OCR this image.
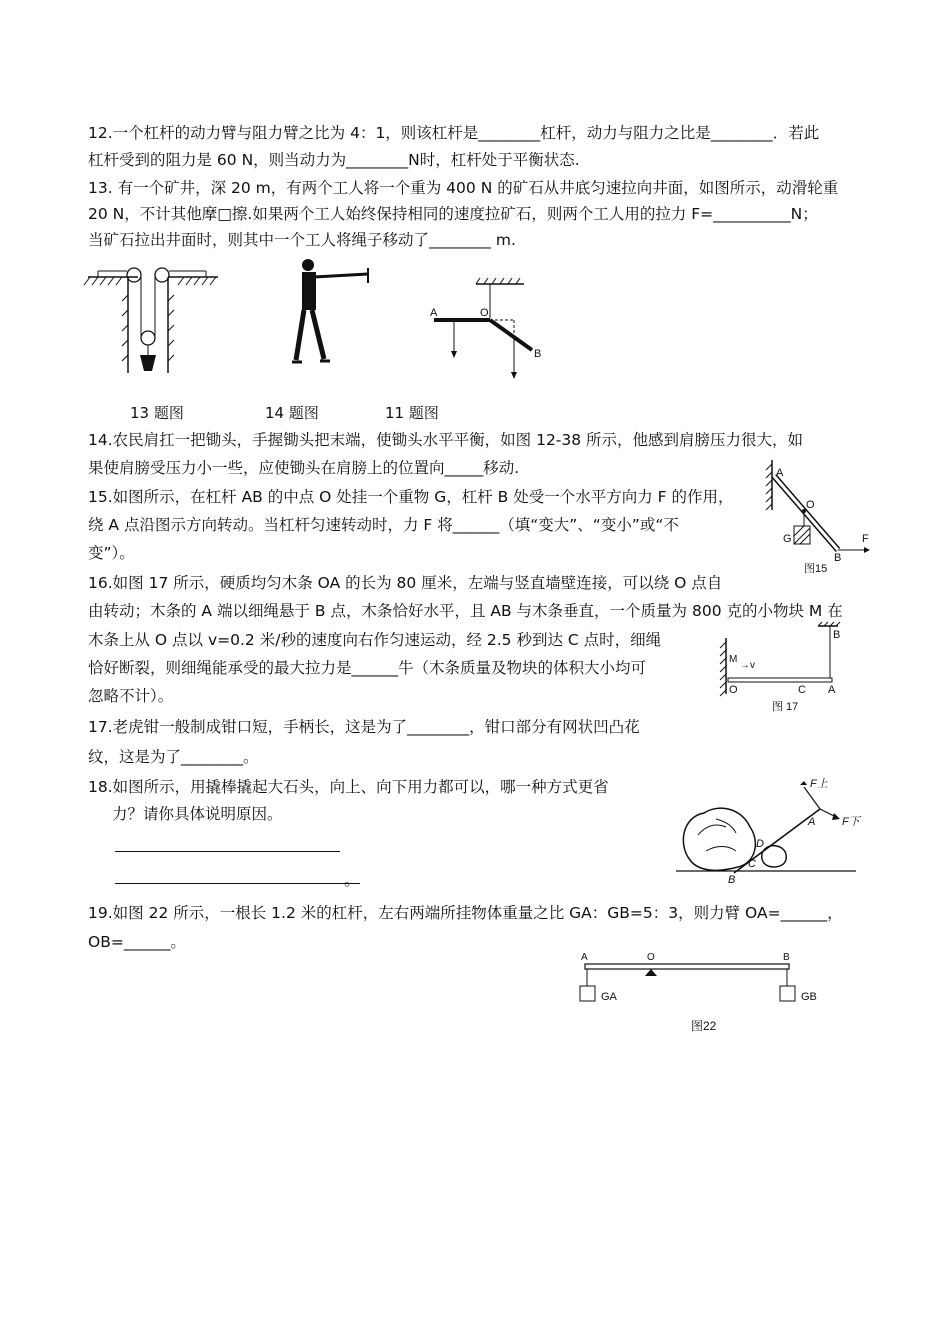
12.一个杠杆的动力臂与阻力臂之比为 4：1，则该杠杆是________杠杆，动力与阻力之比是________．若此
杠杆受到的阻力是 60 N，则当动力为________N时，杠杆处于平衡状态.
13. 有一个矿井，深 20 m，有两个工人将一个重为 400 N 的矿石从井底匀速拉向井面，如图所示，动滑轮重
20 N，不计其他摩□擦.如果两个工人始终保持相同的速度拉矿石，则两个工人用的拉力 F=__________N；
当矿石拉出井面时，则其中一个工人将绳子移动了________ m.
A	O
B
13 题图	14 题图	11 题图
14.农民肩扛一把锄头，手握锄头把末端，使锄头水平平衡，如图 12-38 所示，他感到肩膀压力很大，如
果使肩膀受压力小一些，应使锄头在肩膀上的位置向_____移动.
15.如图所示，在杠杆 AB 的中点 O 处挂一个重物 G，杠杆 B 处受一个水平方向力 F 的作用，
绕 A 点沿图示方向转动。当杠杆匀速转动时，力 F 将______（填“变大”、“变小”或“不
变”）。
A
O
G
B
F
图15
16.如图 17 所示，硬质均匀木条 OA 的长为 80 厘米，左端与竖直墙壁连接，可以绕 O 点自
由转动；木条的 A 端以细绳悬于 B 点，木条恰好水平，且 AB 与木条垂直，一个质量为 800 克的小物块 M 在
木条上从 O 点以 v=0.2 米/秒的速度向右作匀速运动，经 2.5 秒到达 C 点时，细绳
恰好断裂，则细绳能承受的最大拉力是______牛（木条质量及物块的体积大小均可
忽略不计）。
B
M
→v
O	C A
图 17
17.老虎钳一般制成钳口短，手柄长，这是为了________，钳口部分有网状凹凸花
纹，这是为了________。
18.如图所示，用撬棒撬起大石头，向上、向下用力都可以，哪一种方式更省
力？请你具体说明原因。
。
F上
F下
A
D
C
B
19.如图 22 所示，一根长 1.2 米的杠杆，左右两端所挂物体重量之比 GA：GB=5：3，则力臂 OA=______，
OB=______。
A	O	B
GA	GB
图22
